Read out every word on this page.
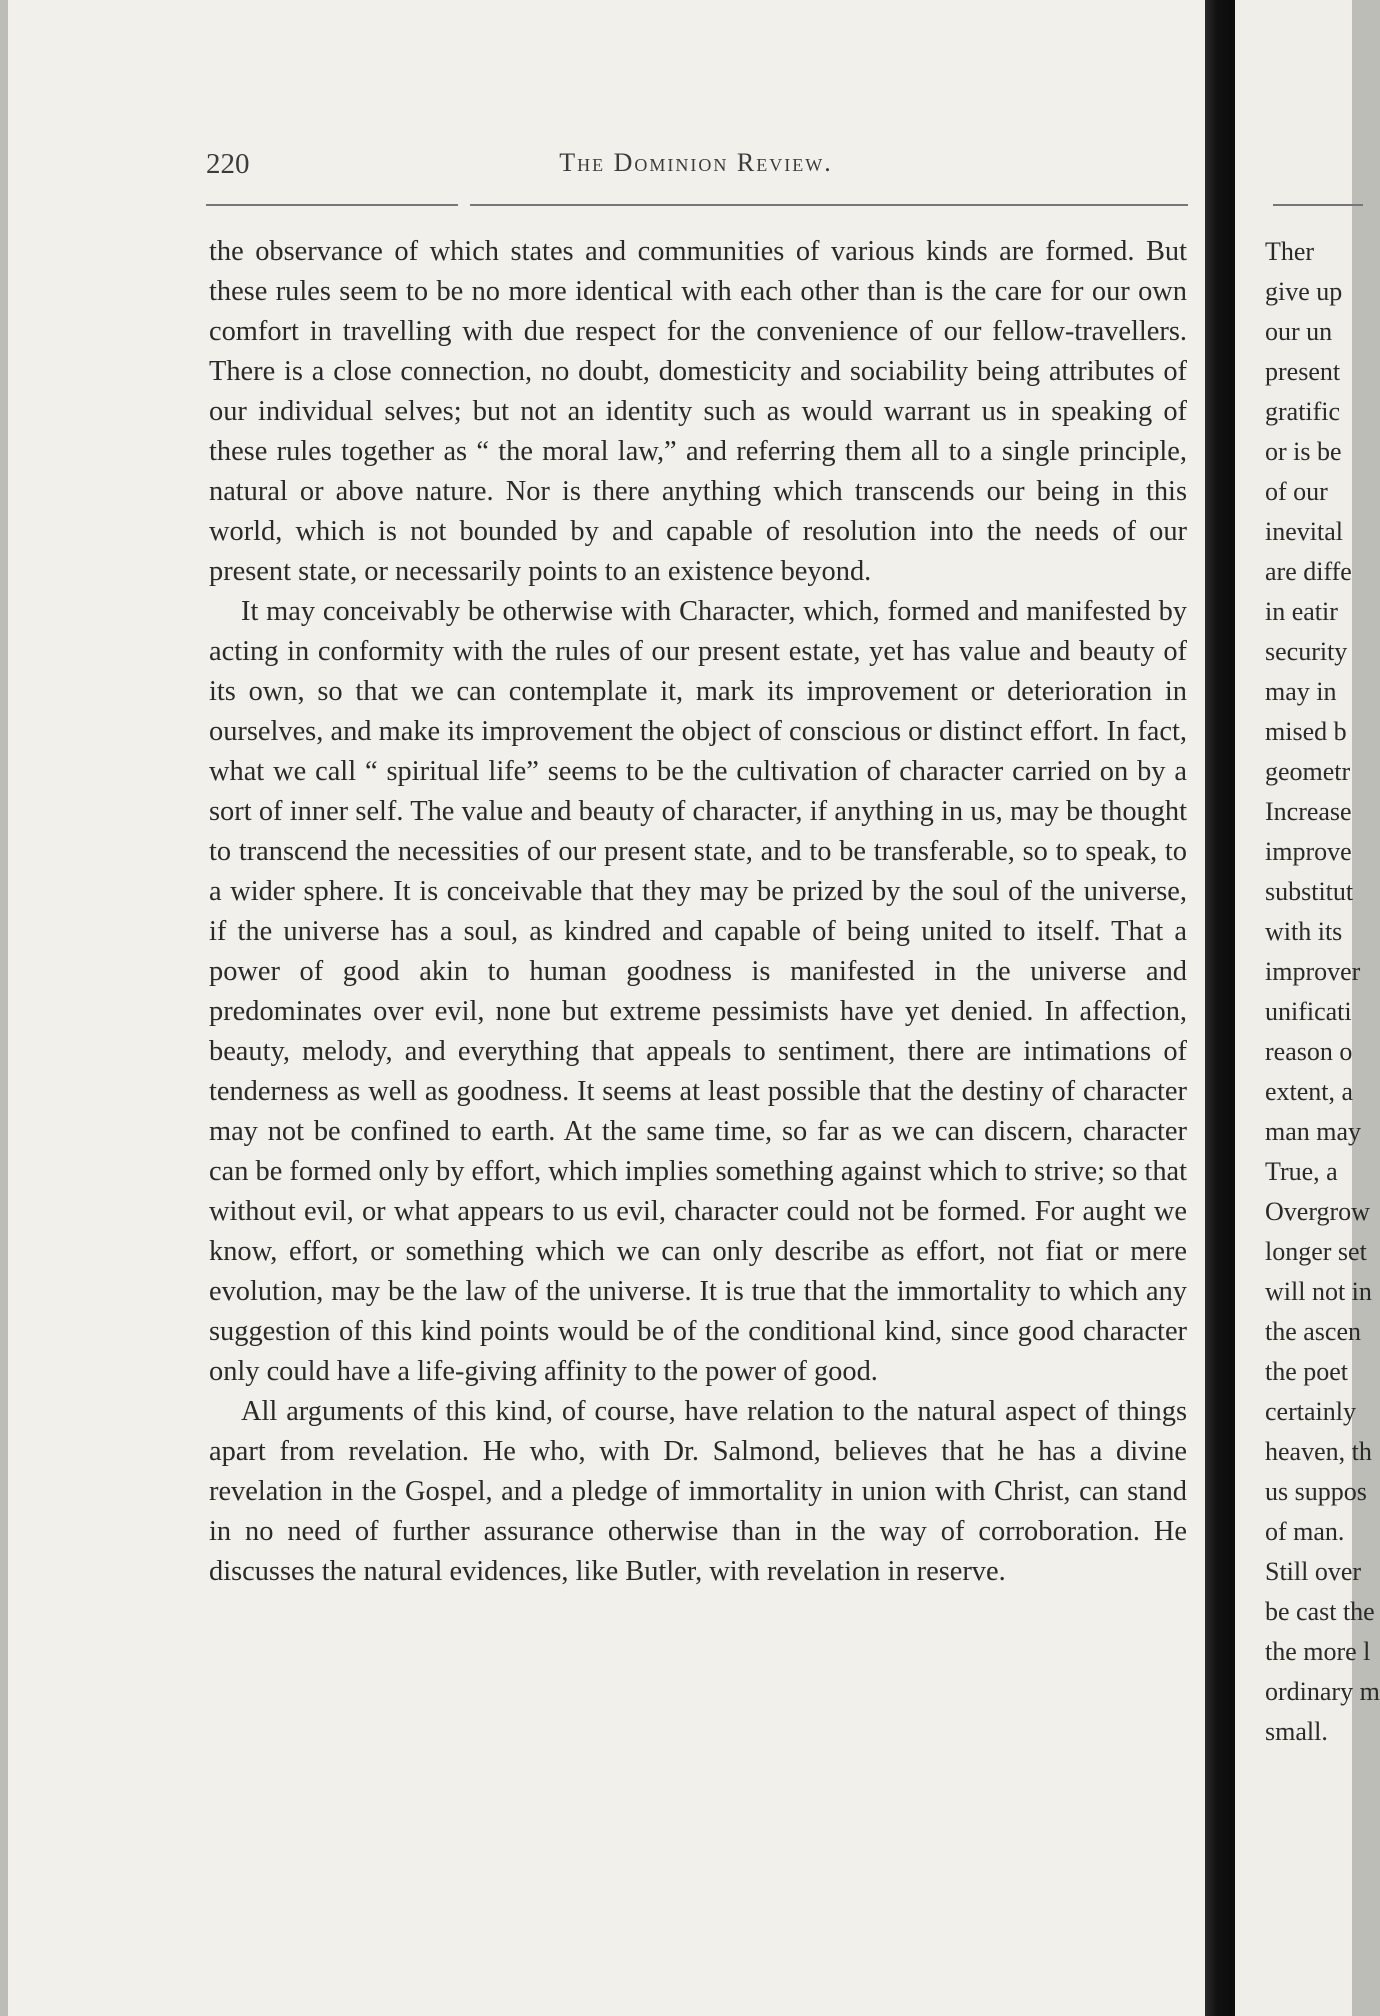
Ther
give up
our un
present
gratific
or is be
of our
inevital
are diffe
in eatir
security
may in
mised b
geometr
Increase
improve
substitut
with its
improver
unificati
reason o
extent, a
man may
True, a
Overgrow
longer set
will not in
the ascen
the poet
certainly
heaven, th
us suppos
of man.
Still over
be cast the
the more l
ordinary m
small.
220	The Dominion Review.

the observance of which states and communities of various kinds are formed. But these rules seem to be no more identical with each other than is the care for our own comfort in travelling with due respect for the convenience of our fellow-travellers. There is a close connection, no doubt, domesticity and sociability being attributes of our individual selves; but not an identity such as would warrant us in speaking of these rules together as “ the moral law,” and referring them all to a single principle, natural or above nature. Nor is there anything which transcends our being in this world, which is not bounded by and capable of resolution into the needs of our present state, or necessarily points to an existence beyond.

It may conceivably be otherwise with Character, which, formed and manifested by acting in conformity with the rules of our present estate, yet has value and beauty of its own, so that we can contemplate it, mark its improvement or deterioration in ourselves, and make its improvement the object of conscious or distinct effort. In fact, what we call “ spiritual life” seems to be the cultivation of character carried on by a sort of inner self. The value and beauty of character, if anything in us, may be thought to transcend the necessities of our present state, and to be transferable, so to speak, to a wider sphere. It is conceivable that they may be prized by the soul of the universe, if the universe has a soul, as kindred and capable of being united to itself. That a power of good akin to human goodness is manifested in the universe and predominates over evil, none but extreme pessimists have yet denied. In affection, beauty, melody, and everything that appeals to sentiment, there are intimations of tenderness as well as goodness. It seems at least possible that the destiny of character may not be confined to earth. At the same time, so far as we can discern, character can be formed only by effort, which implies something against which to strive; so that without evil, or what appears to us evil, character could not be formed. For aught we know, effort, or something which we can only describe as effort, not fiat or mere evolution, may be the law of the universe. It is true that the immortality to which any suggestion of this kind points would be of the conditional kind, since good character only could have a life-giving affinity to the power of good.

All arguments of this kind, of course, have relation to the natural aspect of things apart from revelation. He who, with Dr. Salmond, believes that he has a divine revelation in the Gospel, and a pledge of immortality in union with Christ, can stand in no need of further assurance otherwise than in the way of corroboration. He discusses the natural evidences, like Butler, with revelation in reserve.
